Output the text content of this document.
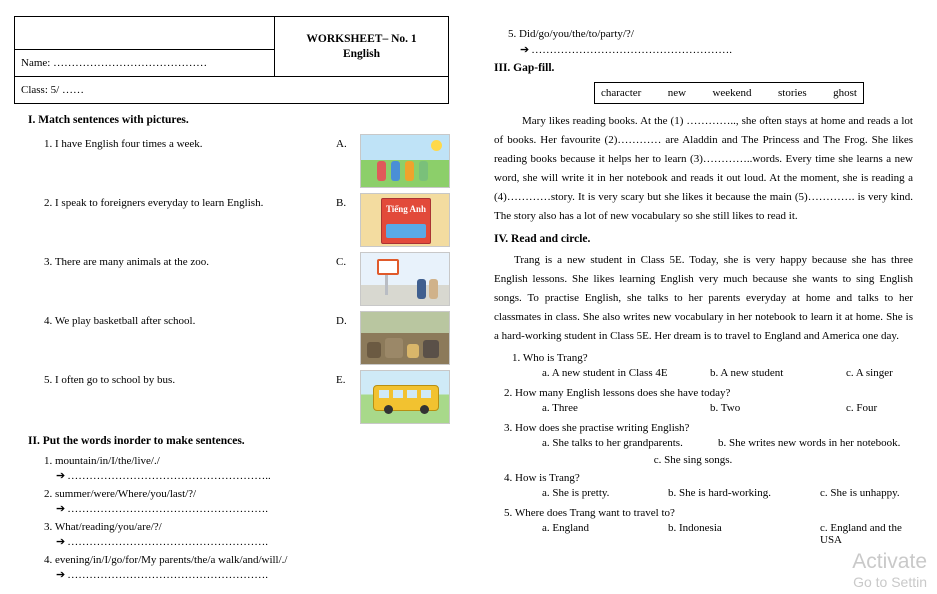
WORKSHEET– No. 1
English

Name: ……………………………………
Class: 5/ ……
I. Match sentences with pictures.
1. I have English four times a week.	A.
2. I speak to foreigners everyday to learn English.	B.	Tiếng Anh
3. There are many animals at the zoo.	C.
4. We play basketball after school.	D.
5. I often go to school by bus.	E.
II. Put the words inorder to make sentences.
1. mountain/in/I/the/live/./
➔ ………………………………………………..
2. summer/were/Where/you/last/?/
➔ ……………………………………………….
3. What/reading/you/are/?/
➔ ……………………………………………….
4. evening/in/I/go/for/My parents/the/a walk/and/will/./
➔ ……………………………………………….
5. Did/go/you/the/to/party/?/
➔ ……………………………………………….
III. Gap-fill.
character new weekend stories ghost
Mary likes reading books. At the (1) ………….., she often stays at home and reads a lot of books. Her favourite (2)………… are Aladdin and The Princess and The Frog. She likes reading books because it helps her to learn (3)…………..words. Every time she learns a new word, she will write it in her notebook and reads it out loud. At the moment, she is reading a (4)…………story. It is very scary but she likes it because the main (5)…………. is very kind. The story also has a lot of new vocabulary so she still likes to read it.
IV. Read and circle.
Trang is a new student in Class 5E. Today, she is very happy because she has three English lessons. She likes learning English very much because she wants to sing English songs. To practise English, she talks to her parents everyday at home and talks to her classmates in class. She also writes new vocabulary in her notebook to learn it at home. She is a hard-working student in Class 5E. Her dream is to travel to England and America one day.
1. Who is Trang?
a. A new student in Class 4E	b. A new student	c. A singer
2. How many English lessons does she have today?
a. Three	b. Two	c. Four
3. How does she practise writing English?
a. She talks to her grandparents.	b. She writes new words in her notebook.
c. She sing songs.
4. How is Trang?
a. She is pretty.	b. She is hard-working.	c. She is unhappy.
5. Where does Trang want to travel to?
a. England	b. Indonesia	c. England and the USA
Activate
Go to Settin
